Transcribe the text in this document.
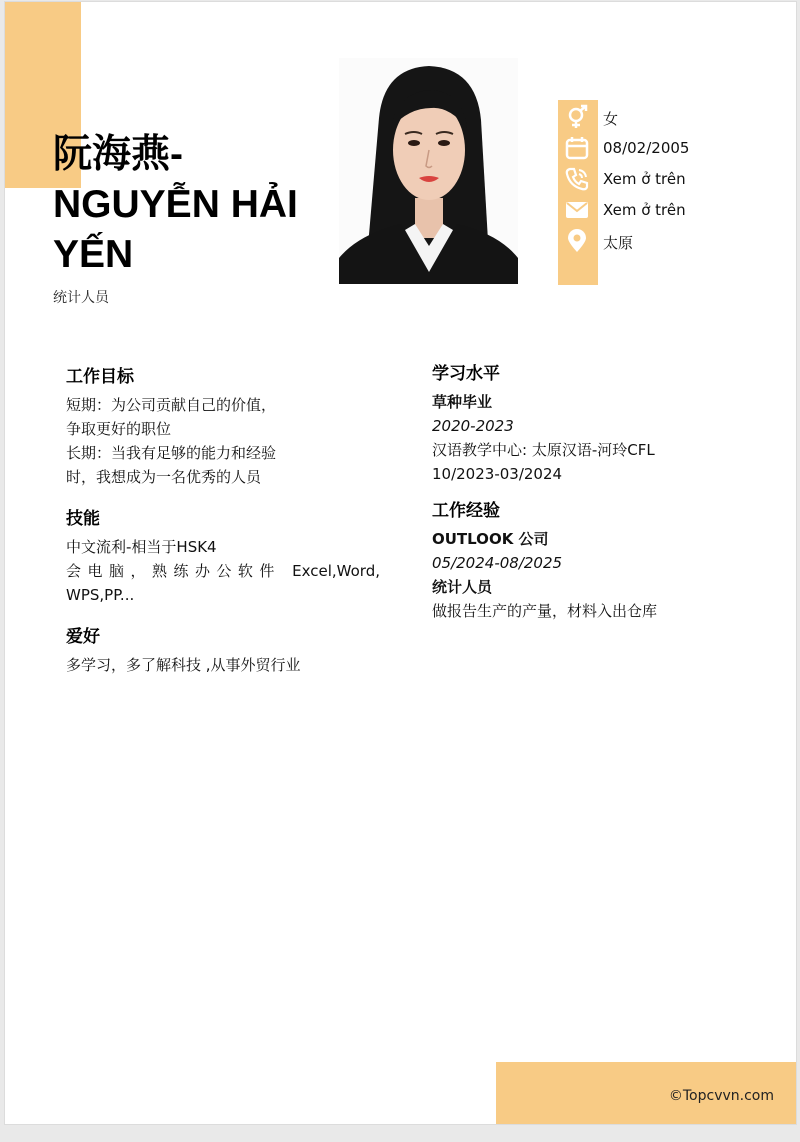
阮海燕-
NGUYỄN HẢI
YẾN
统计人员
女
08/02/2005
Xem ở trên
Xem ở trên
太原
工作目标
短期：为公司贡献自己的价值，
争取更好的职位
长期：当我有足够的能力和经验
时，我想成为一名优秀的人员
技能
中文流利-相当于HSK4
会电脑，熟练办公软件 Excel,Word, WPS,PP...
爱好
多学习，多了解科技 ,从事外贸行业
学习水平
草种毕业
2020-2023
汉语教学中心: 太原汉语-河玲CFL
10/2023-03/2024
工作经验
OUTLOOK 公司
05/2024-08/2025
统计人员
做报告生产的产量，材料入出仓库
©Topcvvn.com
